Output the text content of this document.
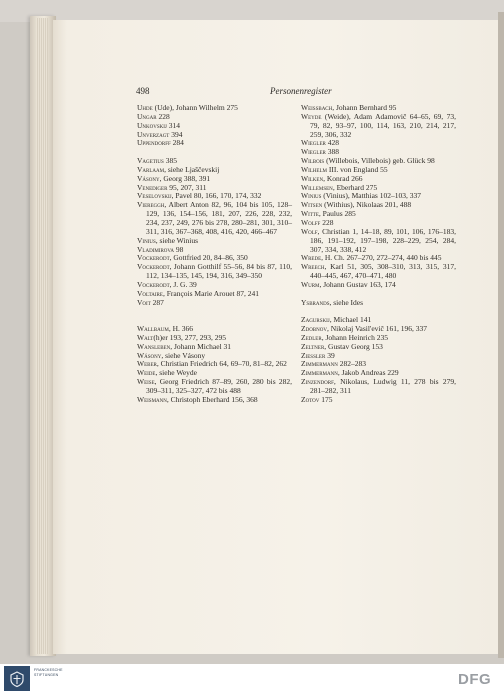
498	Personenregister
Uhde (Ude), Johann Wilhelm 275
Ungar 228
Unkovskij 314
Unverzagt 394
Uppendorff 284
Vagetius 385
Varlaam, siehe Ljaščevskij
Vásony, Georg 388, 391
Venediger 95, 207, 311
Veselovskij, Pavel 80, 166, 170, 174, 332
Viereggh, Albert Anton 82, 96, 104 bis 105, 128–129, 136, 154–156, 181, 207, 226, 228, 232, 234, 237, 249, 276 bis 278, 280–281, 301, 310–311, 316, 367–368, 408, 416, 420, 466–467
Vinius, siehe Winius
Vladimirova 98
Vockerodt, Gottfried 20, 84–86, 350
Vockerodt, Johann Gotthilf 55–56, 84 bis 87, 110, 112, 134–135, 145, 194, 316, 349–350
Vockerodt, J. G. 39
Voltaire, François Marie Arouet 87, 241
Voit 287
Wallbaum, H. 366
Walt(h)er 193, 277, 293, 295
Wansleben, Johann Michael 31
Wásony, siehe Vásony
Weber, Christian Friedrich 64, 69–70, 81–82, 262
Weide, siehe Weyde
Weise, Georg Friedrich 87–89, 260, 280 bis 282, 309–311, 325–327, 472 bis 488
Weismann, Christoph Eberhard 156, 368
Weissbach, Johann Bernhard 95
Weyde (Weide), Adam Adamovič 64–65, 69, 73, 79, 82, 93–97, 100, 114, 163, 210, 214, 217, 259, 306, 332
Wiegler 428
Wiegler 388
Wilbois (Willebois, Villebois) geb. Glück 98
Wilhelm III. von England 55
Wilken, Konrad 266
Willemsen, Eberhard 275
Winius (Vinius), Matthias 102–103, 337
Witsen (Withius), Nikolaas 201, 488
Witte, Paulus 285
Wolff 228
Wolf, Christian 1, 14–18, 89, 101, 106, 176–183, 186, 191–192, 197–198, 228–229, 254, 284, 307, 334, 338, 412
Wrede, H. Ch. 267–270, 272–274, 440 bis 445
Wreech, Karl 51, 305, 308–310, 313, 315, 317, 440–445, 467, 470–471, 480
Wurm, Johann Gustav 163, 174
Ysbrands, siehe Ides
Zagurskij, Michael 141
Zdobnov, Nikolaj Vasil'evič 161, 196, 337
Zedler, Johann Heinrich 235
Zeltner, Gustav Georg 153
Ziessler 39
Zimmermann 282–283
Zimmermann, Jakob Andreas 229
Zinzendorf, Nikolaus, Ludwig 11, 278 bis 279, 281–282, 311
Zotov 175
FRANCKESCHE STIFTUNGEN	DFG
